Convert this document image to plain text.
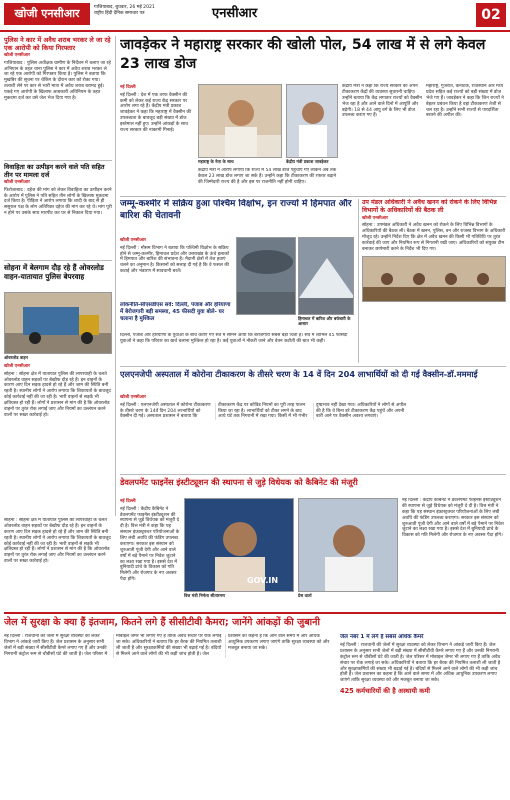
खोजी एनसीआर	गाजियाबाद, बुधवार, 26 मई 2021
राष्ट्रीय हिंदी दैनिक समाचार पत्र	एनसीआर	02
पुलिस ने कार में अवैध शराब भरकर ले जा रहे एक आरोपी को किया गिरफ्तार
खोजी एनसीआर
गाजियाबाद : पुलिस अधीक्षक ग्रामीण के निर्देशन में चलाए जा रहे अभियान के तहत थाना पुलिस ने कार में अवैध शराब भरकर ले जा रहे एक आरोपी को गिरफ्तार किया है। पुलिस ने बताया कि मुखबिर की सूचना पर चेकिंग के दौरान कार को रोका गया। तलाशी लेने पर कार से भारी मात्रा में अवैध शराब बरामद हुई। पकड़े गए आरोपी के खिलाफ आबकारी अधिनियम के तहत मुकदमा दर्ज कर उसे जेल भेज दिया गया है।
विवाहिता का उत्पीड़न करने वाले पति सहित तीन पर मामला दर्ज
खोजी एनसीआर
फिरोजाबाद : दहेज की मांग को लेकर विवाहिता का उत्पीड़न करने के आरोप में पुलिस ने पति सहित तीन लोगों के खिलाफ मुकदमा दर्ज किया है। पीड़िता ने आरोप लगाया कि शादी के बाद से ही ससुराल पक्ष के लोग अतिरिक्त दहेज की मांग कर रहे थे। मांग पूरी न होने पर उसके साथ मारपीट कर घर से निकाल दिया गया।
सोहना में बेलगाम दौड़ रहे हैं ओवरलोड वाहन-यातायात पुलिस बेपरवाह
ओवरलोड वाहन
खोजी एनसीआर
सोहना : सोहना क्षेत्र में यातायात पुलिस की लापरवाही के चलते ओवरलोड वाहन सड़कों पर बेखौफ दौड़ रहे हैं। इन वाहनों के कारण आए दिन सड़क हादसे हो रहे हैं और जाम की स्थिति बनी रहती है। स्थानीय लोगों ने आरोप लगाया कि शिकायतों के बावजूद कोई कार्रवाई नहीं की जा रही है। भारी वाहनों से सड़कें भी क्षतिग्रस्त हो रही हैं। लोगों ने प्रशासन से मांग की है कि ओवरलोड वाहनों पर तुरंत रोक लगाई जाए और नियमों का उल्लंघन करने वालों पर सख्त कार्रवाई हो।
जावड़ेकर ने महाराष्ट्र सरकार की खोली पोल, 54 लाख में से लगे केवल 23 लाख डोज
नई दिल्ली
नई दिल्ली : देश में एक तरफ वैक्सीन की कमी को लेकर कई राज्य केंद्र सरकार पर आरोप लगा रहे हैं। केंद्रीय मंत्री प्रकाश जावड़ेकर ने कहा कि महाराष्ट्र में वैक्सीन की उपलब्धता के बावजूद बड़ी संख्या में डोज इस्तेमाल नहीं हुए। उन्होंने आंकड़ों के साथ राज्य सरकार की नाकामी गिनाई।
महाराष्ट्र के नेता के साथ	केंद्रीय मंत्री प्रकाश जावड़ेकर
केंद्रीय मंत्री ने आरोप लगाया कि राज्य में 54 लाख डोज पहुंचाए गए लेकिन अब तक केवल 23 लाख डोज लगाए जा सके हैं। उन्होंने कहा कि टीकाकरण की रफ्तार बढ़ाने की जिम्मेदारी राज्य की है और इस पर राजनीति नहीं होनी चाहिए।
केंद्रीय मंत्री ने कहा कि राज्य सरकार को अपने टीकाकरण केंद्रों की व्यवस्था सुधारनी चाहिए। उन्होंने बताया कि केंद्र लगातार राज्यों को वैक्सीन भेज रहा है और आने वाले दिनों में आपूर्ति और बढ़ेगी। 18 से 44 आयु वर्ग के लिए भी डोज उपलब्ध कराए गए हैं।
महाराष्ट्र, गुजरात, कर्नाटक, राजस्थान और मध्य प्रदेश सहित कई राज्यों को बड़ी संख्या में डोज भेजे गए हैं। जावड़ेकर ने कहा कि जिन राज्यों ने बेहतर प्रबंधन किया है वहां टीकाकरण तेजी से चल रहा है। उन्होंने सभी राज्यों से पारदर्शिता बरतने की अपील की।
जम्मू-कश्मीर में सक्रिय हुआ पश्चिम विक्षोभ, इन राज्यों में हिमपात और बारिश की चेतावनी
खोजी एनसीआर
नई दिल्ली : मौसम विभाग ने बताया कि पश्चिमी विक्षोभ के सक्रिय होने से जम्मू-कश्मीर, हिमाचल प्रदेश और उत्तराखंड के ऊंचे इलाकों में हिमपात और बारिश की संभावना है। मैदानी क्षेत्रों में तेज हवाएं चलने का अनुमान है। किसानों को सलाह दी गई है कि वे फसल की कटाई और भंडारण में सावधानी बरतें।
हिमाचल में बारिश और बर्फबारी के आसार
लोकनीति-सीएसडीएस सर्वे: दिल्ली, पंजाब और हरियाणा में बेरोजगारी बड़ी समस्या, 45 फीसदी युवा बोले- घर चलाना है मुश्किल
दिल्ली, पंजाब और हरियाणा के युवाओं के बीच कराए गए सर्वे में सामने आया कि बेरोजगारी सबसे बड़ी चिंता है। सर्वे में शामिल 45 फीसदी युवाओं ने कहा कि परिवार का खर्च चलाना मुश्किल हो रहा है। कई युवाओं ने नौकरी जाने और वेतन कटौती की बात भी कही।
उप मंडल अधिकारी ने अवैध खनन को रोकने के लिए विभिन्न विभागों के अधिकारियों की बैठक ली
खोजी एनसीआर
सोहना : उपमंडल अधिकारी ने अवैध खनन को रोकने के लिए विभिन्न विभागों के अधिकारियों की बैठक ली। बैठक में खनन, पुलिस, वन और राजस्व विभाग के अधिकारी मौजूद रहे। उन्होंने निर्देश दिए कि क्षेत्र में अवैध खनन की किसी भी गतिविधि पर तुरंत कार्रवाई की जाए और नियमित रूप से निगरानी रखी जाए। अधिकारियों को संयुक्त टीम बनाकर छापेमारी करने के निर्देश भी दिए गए।
एलएनजेपी अस्पताल में कोरोना टीकाकरण के तीसरे चरण के 14 वें दिन 204 लाभार्थियों को दी गई वैक्सीन-डॉ.मममाई
खोजी एनसीआर
नई दिल्ली : एलएनजेपी अस्पताल में कोरोना टीकाकरण के तीसरे चरण के 14वें दिन 204 लाभार्थियों को वैक्सीन दी गई। अस्पताल प्रशासन ने बताया कि टीकाकरण केंद्र पर कोविड नियमों का पूरी तरह पालन किया जा रहा है। लाभार्थियों को टीका लगने के बाद आधे घंटे तक निगरानी में रखा गया। किसी में भी गंभीर दुष्प्रभाव नहीं देखा गया। अधिकारियों ने लोगों से अपील की है कि वे बिना डरे टीकाकरण केंद्र पहुंचें और अपनी बारी आने पर वैक्सीन अवश्य लगवाएं।
डेवलपमेंट फाइनेंस इंस्टीट्यूशन की स्थापना से जुड़े विधेयक को कैबिनेट की मंजूरी
नई दिल्ली
नई दिल्ली : केंद्रीय कैबिनेट ने डेवलपमेंट फाइनेंस इंस्टीट्यूशन की स्थापना से जुड़े विधेयक को मंजूरी दे दी है। वित्त मंत्री ने कहा कि यह संस्थान इंफ्रास्ट्रक्चर परियोजनाओं के लिए लंबी अवधि की फंडिंग उपलब्ध कराएगा। सरकार इस संस्थान को शुरुआती पूंजी देगी और आने वाले वर्षों में बड़े पैमाने पर निवेश जुटाने का लक्ष्य रखा गया है। इससे देश में बुनियादी ढांचे के विकास को गति मिलेगी और रोजगार के नए अवसर पैदा होंगे।	GOV.IN
वित्त मंत्री निर्मला सीतारमण	प्रेस वार्ता
नई दिल्ली : केंद्रीय कैबिनेट ने डेवलपमेंट फाइनेंस इंस्टीट्यूशन की स्थापना से जुड़े विधेयक को मंजूरी दे दी है। वित्त मंत्री ने कहा कि यह संस्थान इंफ्रास्ट्रक्चर परियोजनाओं के लिए लंबी अवधि की फंडिंग उपलब्ध कराएगा। सरकार इस संस्थान को शुरुआती पूंजी देगी और आने वाले वर्षों में बड़े पैमाने पर निवेश जुटाने का लक्ष्य रखा गया है। इससे देश में बुनियादी ढांचे के विकास को गति मिलेगी और रोजगार के नए अवसर पैदा होंगे।
सोहना : सोहना क्षेत्र में यातायात पुलिस की लापरवाही के चलते ओवरलोड वाहन सड़कों पर बेखौफ दौड़ रहे हैं। इन वाहनों के कारण आए दिन सड़क हादसे हो रहे हैं और जाम की स्थिति बनी रहती है। स्थानीय लोगों ने आरोप लगाया कि शिकायतों के बावजूद कोई कार्रवाई नहीं की जा रही है। भारी वाहनों से सड़कें भी क्षतिग्रस्त हो रही हैं। लोगों ने प्रशासन से मांग की है कि ओवरलोड वाहनों पर तुरंत रोक लगाई जाए और नियमों का उल्लंघन करने वालों पर सख्त कार्रवाई हो।
जेल में सुरक्षा के क्या हैं इंतजाम, कितने लगे हैं सीसीटीवी कैमरा; जानेंगे आंकड़ों की जुबानी
नई दिल्ली : राजधानी की जेलों में सुरक्षा व्यवस्था को लेकर विभाग ने आंकड़े जारी किए हैं। जेल प्रशासन के अनुसार सभी जेलों में बड़ी संख्या में सीसीटीवी कैमरे लगाए गए हैं और उनकी निगरानी कंट्रोल रूम से चौबीसों घंटे की जाती है। जेल परिसर में मोबाइल जैमर भी लगाए गए हैं ताकि अवैध संचार पर रोक लगाई जा सके। अधिकारियों ने बताया कि हर बैरक की नियमित तलाशी ली जाती है और सुरक्षाकर्मियों की संख्या भी बढ़ाई गई है। बंदियों से मिलने आने वाले लोगों की भी कड़ी जांच होती है। जेल प्रशासन का कहना है कि आने वाले समय में और अधिक आधुनिक उपकरण लगाए जाएंगे ताकि सुरक्षा व्यवस्था को और मजबूत बनाया जा सके।
जेल नंबर 1 में लगे हैं सबसे अधिक कैमरे
नई दिल्ली : राजधानी की जेलों में सुरक्षा व्यवस्था को लेकर विभाग ने आंकड़े जारी किए हैं। जेल प्रशासन के अनुसार सभी जेलों में बड़ी संख्या में सीसीटीवी कैमरे लगाए गए हैं और उनकी निगरानी कंट्रोल रूम से चौबीसों घंटे की जाती है। जेल परिसर में मोबाइल जैमर भी लगाए गए हैं ताकि अवैध संचार पर रोक लगाई जा सके। अधिकारियों ने बताया कि हर बैरक की नियमित तलाशी ली जाती है और सुरक्षाकर्मियों की संख्या भी बढ़ाई गई है। बंदियों से मिलने आने वाले लोगों की भी कड़ी जांच होती है। जेल प्रशासन का कहना है कि आने वाले समय में और अधिक आधुनिक उपकरण लगाए जाएंगे ताकि सुरक्षा व्यवस्था को और मजबूत बनाया जा सके।
425 कर्मचारियों की है अस्थायी कमी
